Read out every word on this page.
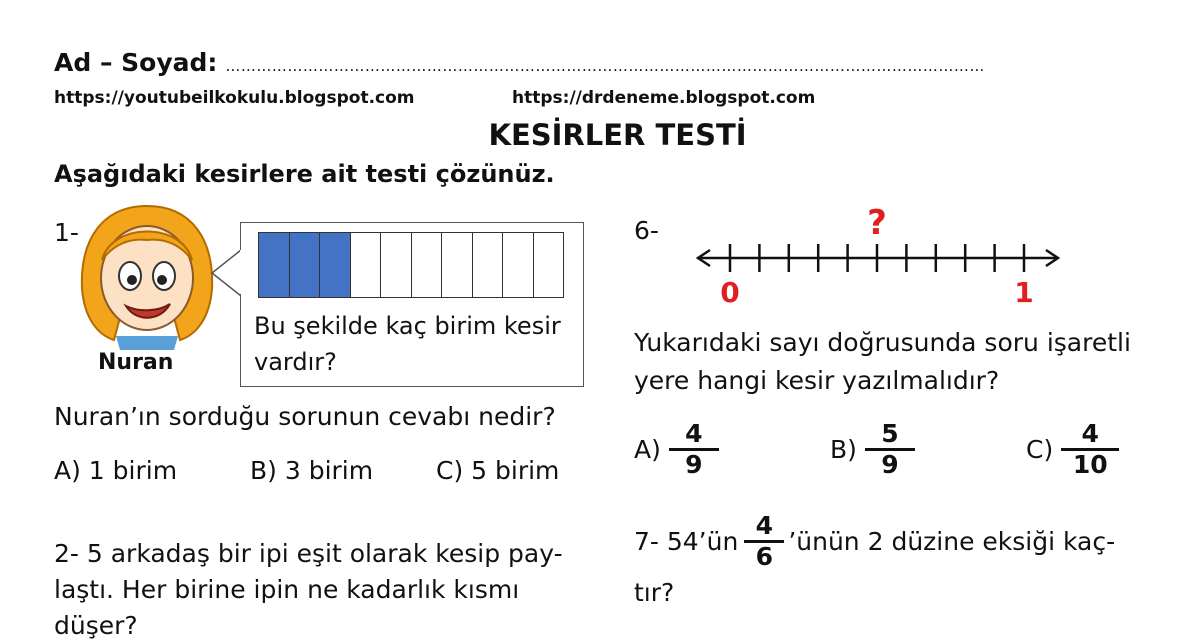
Ad – Soyad: …………………………………………………………………………………………………………………………………
https://youtubeilkokulu.blogspot.com	https://drdeneme.blogspot.com
KESİRLER TESTİ
Aşağıdaki kesirlere ait testi çözünüz.
1-
Nuran
Bu şekilde kaç birim kesir vardır?
Nuran’ın sorduğu sorunun cevabı nedir?
A) 1 birim	B) 3 birim	C) 5 birim
2- 5 arkadaş bir ipi eşit olarak kesip pay-
laştı. Her birine ipin ne kadarlık kısmı
düşer?
6-	?
0	1
Yukarıdaki sayı doğrusunda soru işaretli
yere hangi kesir yazılmalıdır?
$A) \frac{4}{9}$	$B) \frac{5}{9}$	$C) \frac{4}{10}$
7- 54’ün $\frac{4}{6}$ ’ünün 2 düzine eksiği kaç-
tır?
